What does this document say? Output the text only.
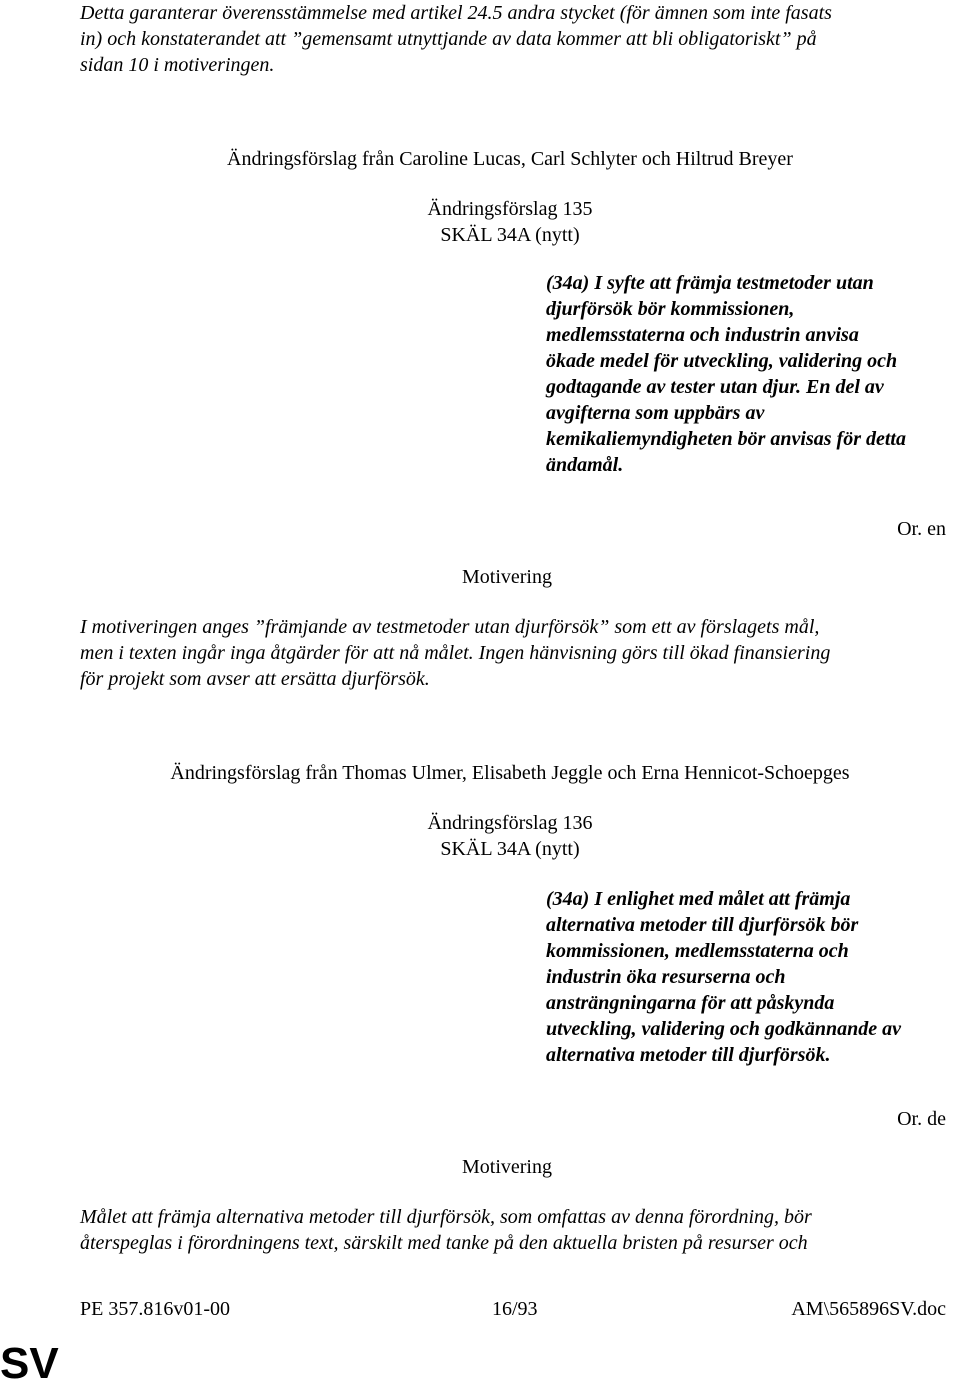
Detta garanterar överensstämmelse med artikel 24.5 andra stycket (för ämnen som inte fasats
in) och konstaterandet att ”gemensamt utnyttjande av data kommer att bli obligatoriskt” på
sidan 10 i motiveringen.
Ändringsförslag från Caroline Lucas, Carl Schlyter och Hiltrud Breyer
Ändringsförslag 135
SKÄL 34A (nytt)
(34a) I syfte att främja testmetoder utan
djurförsök bör kommissionen,
medlemsstaterna och industrin anvisa
ökade medel för utveckling, validering och
godtagande av tester utan djur. En del av
avgifterna som uppbärs av
kemikaliemyndigheten bör anvisas för detta
ändamål.
Or. en
Motivering
I motiveringen anges ”främjande av testmetoder utan djurförsök” som ett av förslagets mål,
men i texten ingår inga åtgärder för att nå målet. Ingen hänvisning görs till ökad finansiering
för projekt som avser att ersätta djurförsök.
Ändringsförslag från Thomas Ulmer, Elisabeth Jeggle och Erna Hennicot-Schoepges
Ändringsförslag 136
SKÄL 34A (nytt)
(34a) I enlighet med målet att främja
alternativa metoder till djurförsök bör
kommissionen, medlemsstaterna och
industrin öka resurserna och
ansträngningarna för att påskynda
utveckling, validering och godkännande av
alternativa metoder till djurförsök.
Or. de
Motivering
Målet att främja alternativa metoder till djurförsök, som omfattas av denna förordning, bör
återspeglas i förordningens text, särskilt med tanke på den aktuella bristen på resurser och
PE 357.816v01-00	16/93	AM\565896SV.doc
SV
